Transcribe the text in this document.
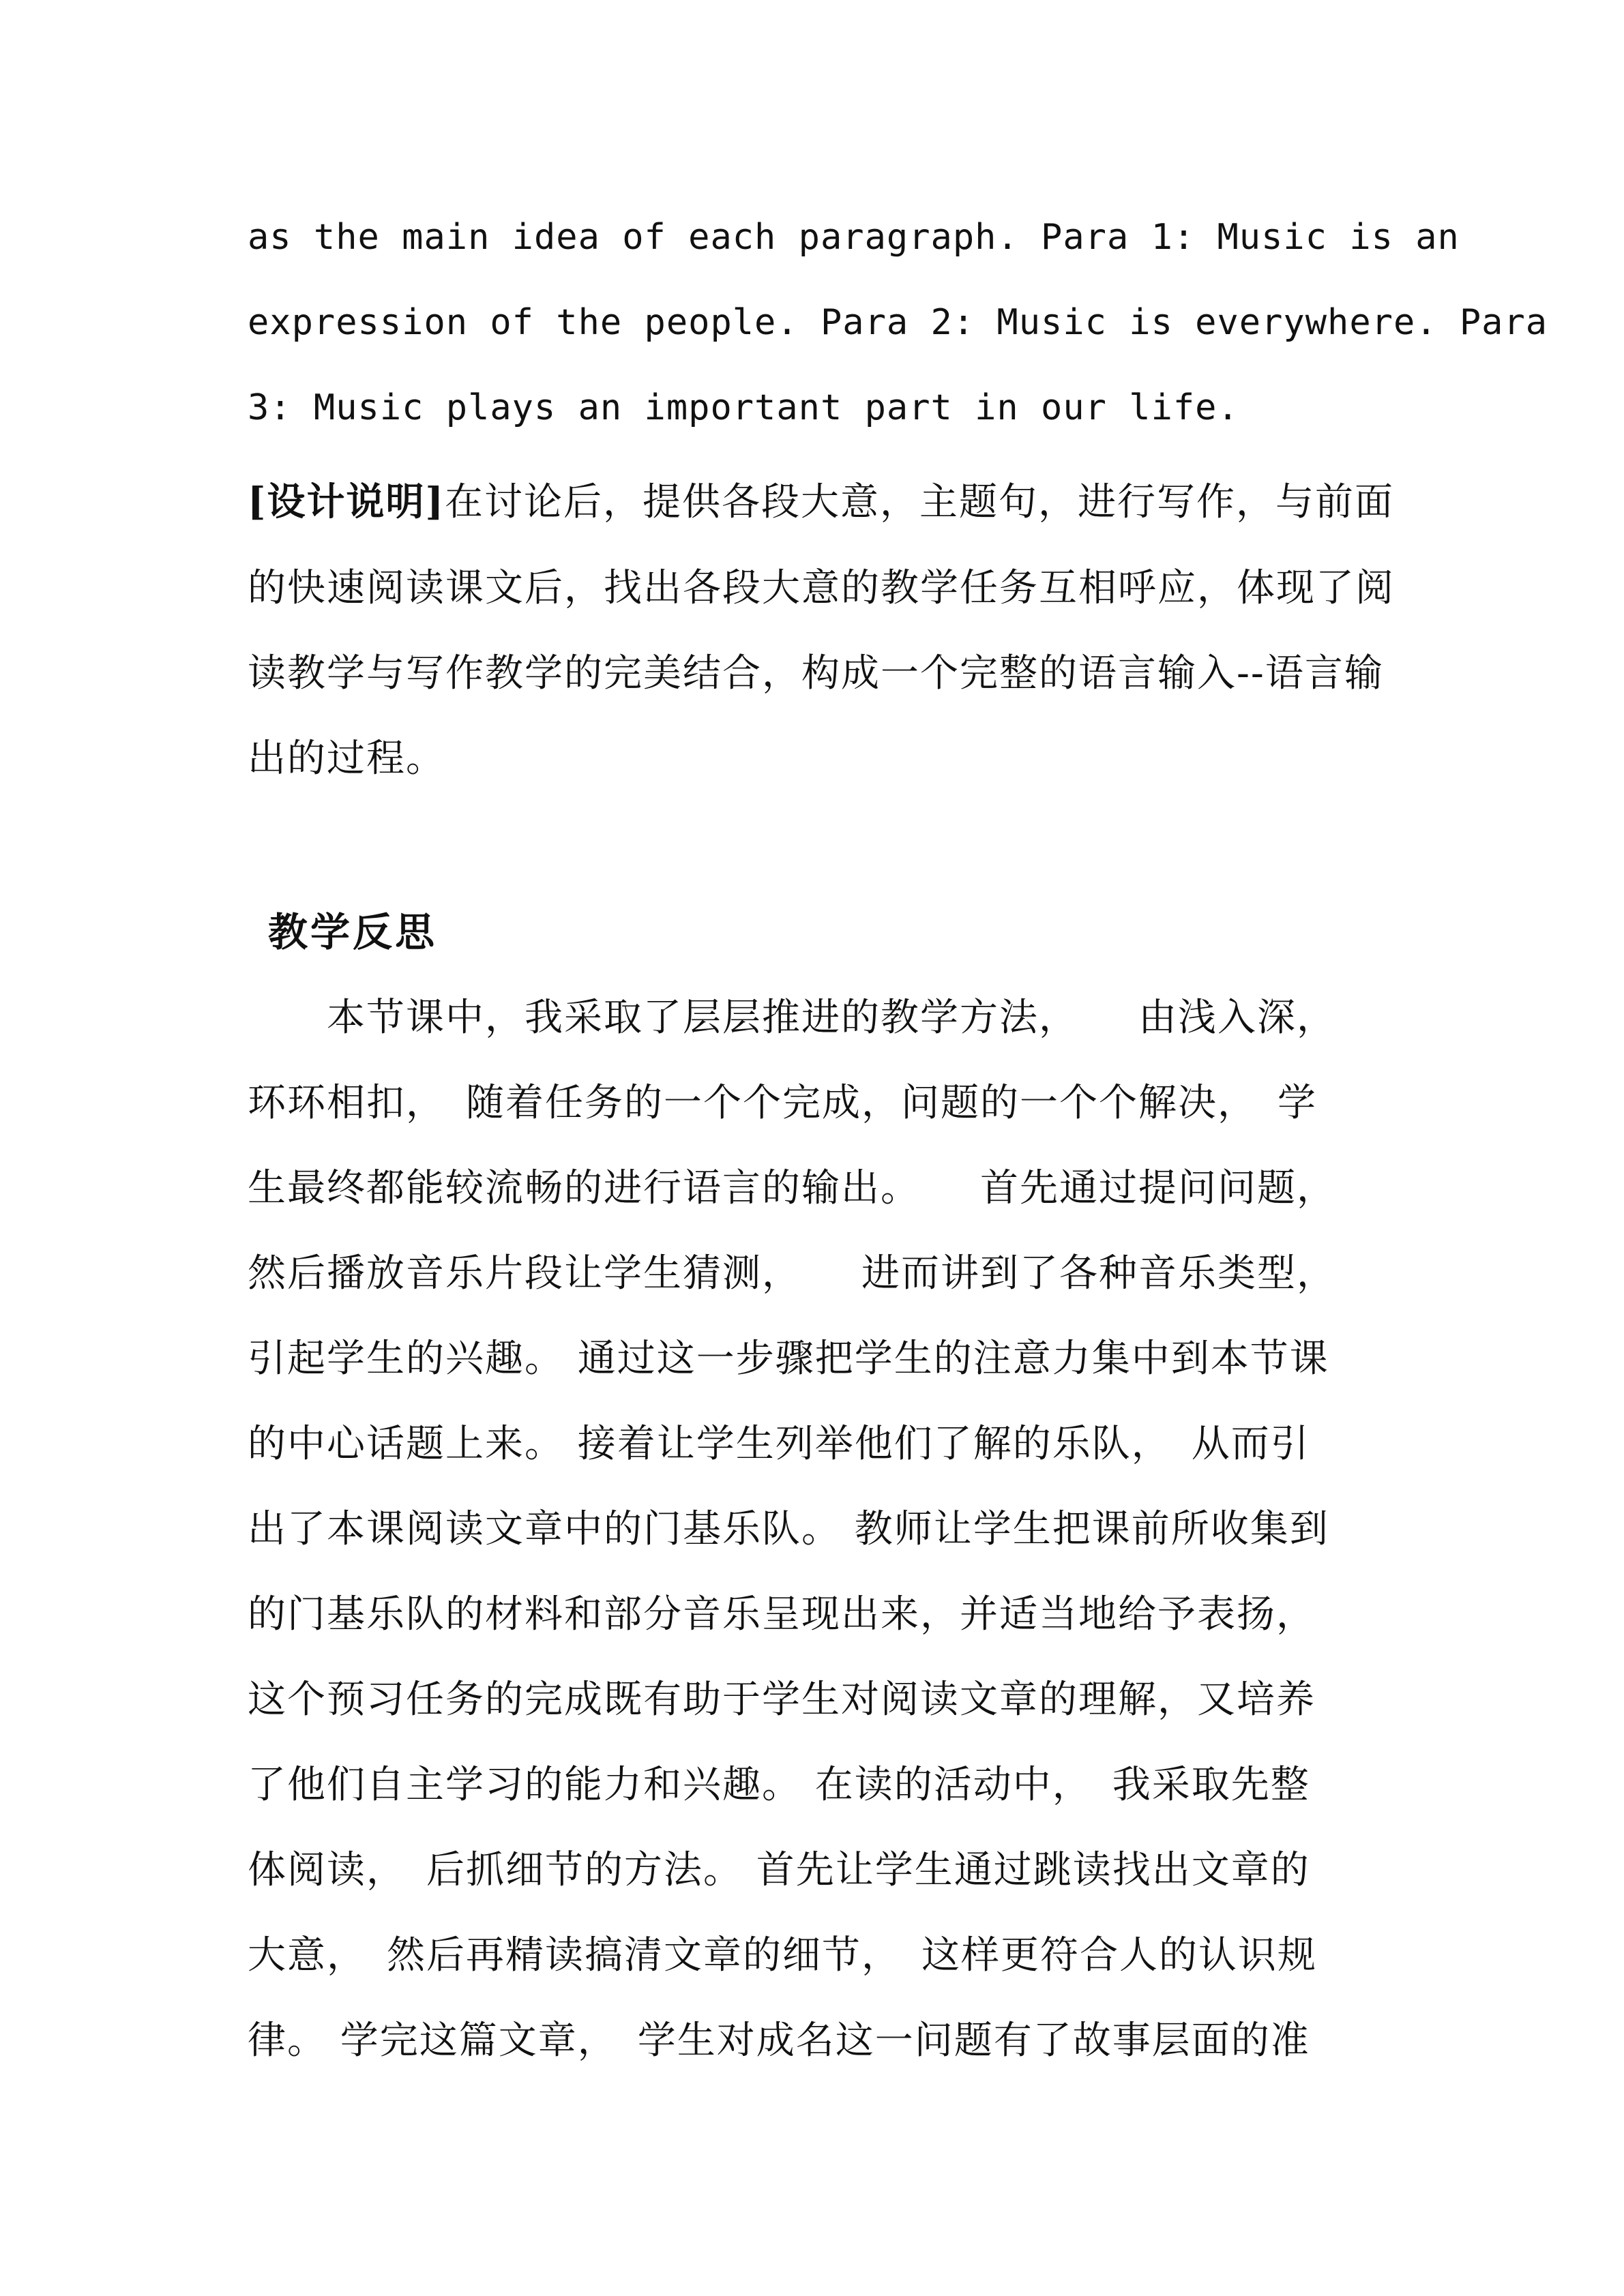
as the main idea of each paragraph. Para 1: Music is an

expression of the people. Para 2: Music is everywhere. Para

3: Music plays an important part in our life.

[设计说明]在讨论后，提供各段大意，主题句，进行写作，与前面

的快速阅读课文后，找出各段大意的教学任务互相呼应，体现了阅

读教学与写作教学的完美结合，构成一个完整的语言输入--语言输

出的过程。

教学反思

　　本节课中，我采取了层层推进的教学方法，　　由浅入深，

环环相扣，　随着任务的一个个完成，问题的一个个解决，　学

生最终都能较流畅的进行语言的输出。　　首先通过提问问题，

然后播放音乐片段让学生猜测，　　进而讲到了各种音乐类型，

引起学生的兴趣。 通过这一步骤把学生的注意力集中到本节课

的中心话题上来。 接着让学生列举他们了解的乐队，　从而引

出了本课阅读文章中的门基乐队。 教师让学生把课前所收集到

的门基乐队的材料和部分音乐呈现出来，并适当地给予表扬，

这个预习任务的完成既有助于学生对阅读文章的理解，又培养

了他们自主学习的能力和兴趣。 在读的活动中，　我采取先整

体阅读，　后抓细节的方法。 首先让学生通过跳读找出文章的

大意，　然后再精读搞清文章的细节，　这样更符合人的认识规

律。 学完这篇文章，　学生对成名这一问题有了故事层面的准
